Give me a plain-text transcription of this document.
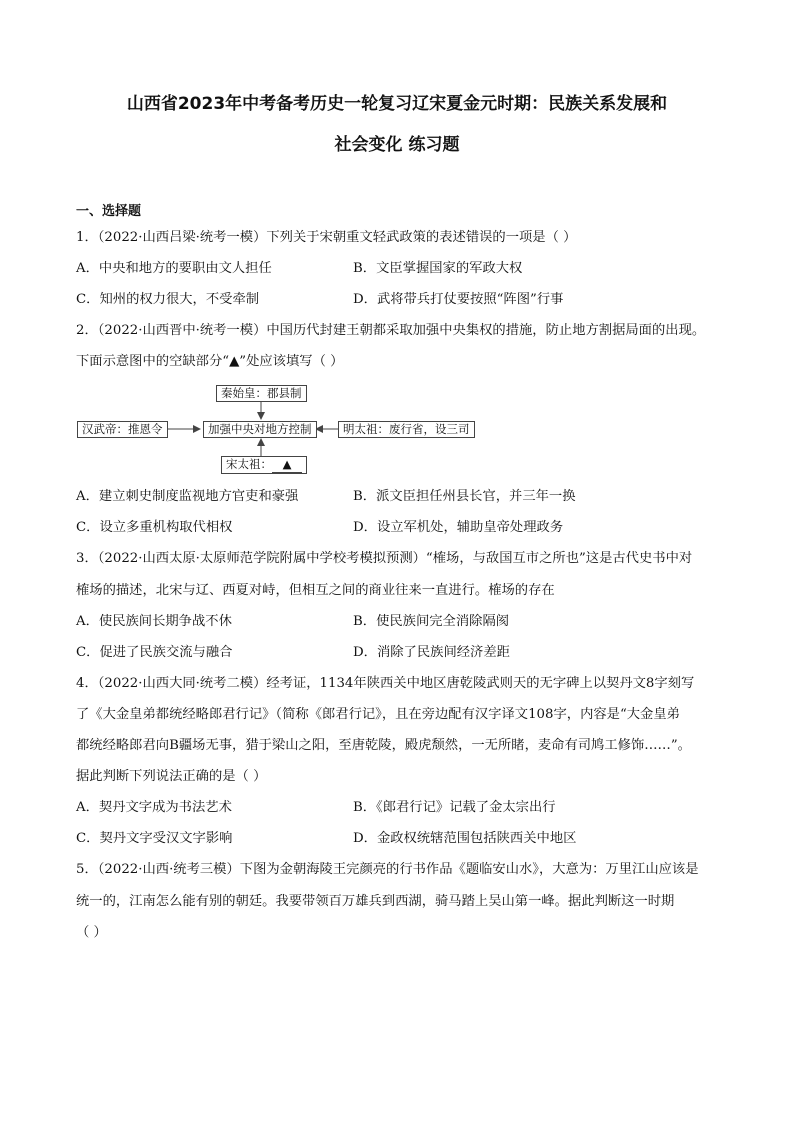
山西省2023年中考备考历史一轮复习辽宋夏金元时期：民族关系发展和
社会变化 练习题
一、选择题
1．（2022·山西吕梁·统考一模）下列关于宋朝重文轻武政策的表述错误的一项是（ ）
A．中央和地方的要职由文人担任	B．文臣掌握国家的军政大权
C．知州的权力很大，不受牵制	D．武将带兵打仗要按照“阵图”行事
2．（2022·山西晋中·统考一模）中国历代封建王朝都采取加强中央集权的措施，防止地方割据局面的出现。
下面示意图中的空缺部分“▲”处应该填写（ ）
秦始皇：郡县制
汉武帝：推恩令	加强中央对地方控制	明太祖：废行省，设三司
宋太祖： ▲
A．建立刺史制度监视地方官吏和豪强	B．派文臣担任州县长官，并三年一换
C．设立多重机构取代相权	D．设立军机处，辅助皇帝处理政务
3．（2022·山西太原·太原师范学院附属中学校考模拟预测）“榷场，与敌国互市之所也”这是古代史书中对
榷场的描述，北宋与辽、西夏对峙，但相互之间的商业往来一直进行。榷场的存在
A．使民族间长期争战不休	B．使民族间完全消除隔阂
C．促进了民族交流与融合	D．消除了民族间经济差距
4．（2022·山西大同·统考二模）经考证，1134年陕西关中地区唐乾陵武则天的无字碑上以契丹文8字刻写
了《大金皇弟都统经略郎君行记》（简称《郎君行记》，且在旁边配有汉字译文108字，内容是“大金皇弟
都统经略郎君向B疆场无事，猎于梁山之阳，至唐乾陵，殿虎颓然，一无所睹，麦命有司鸠工修饰……”。
据此判断下列说法正确的是（ ）
A．契丹文字成为书法艺术	B．《郎君行记》记载了金太宗出行
C．契丹文字受汉文字影响	D．金政权统辖范围包括陕西关中地区
5．（2022·山西·统考三模）下图为金朝海陵王完颜亮的行书作品《题临安山水》，大意为：万里江山应该是
统一的，江南怎么能有别的朝廷。我要带领百万雄兵到西湖，骑马踏上吴山第一峰。据此判断这一时期
（ ）
